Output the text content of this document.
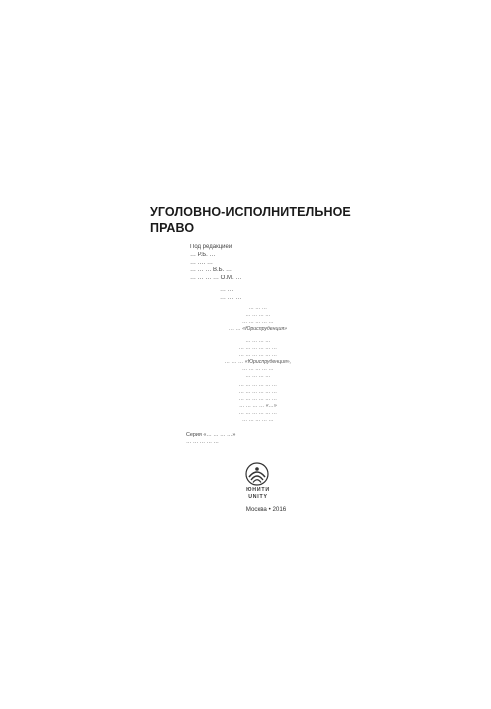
УГОЛОВНО-ИСПОЛНИТЕЛЬНОЕ
ПРАВО
Под редакцией
… Р.Б. …
… …. …
… … … В.Б. …
… … … … О.М. …
… …
… … …
… … …
… … … …
… … … … …
… … «Юриспруденция»
… … … …
… … … … … …
… … … … … …
… … … «Юриспруденция»,
… … … … …
… … … …
… … … … … …
… … … … … …
… … … … … …
… … … … «…»
… … … … … …
… … … … …
Серия «… … … …»
… … … … …
ЮНИТИ
UNITY
Москва • 2016
